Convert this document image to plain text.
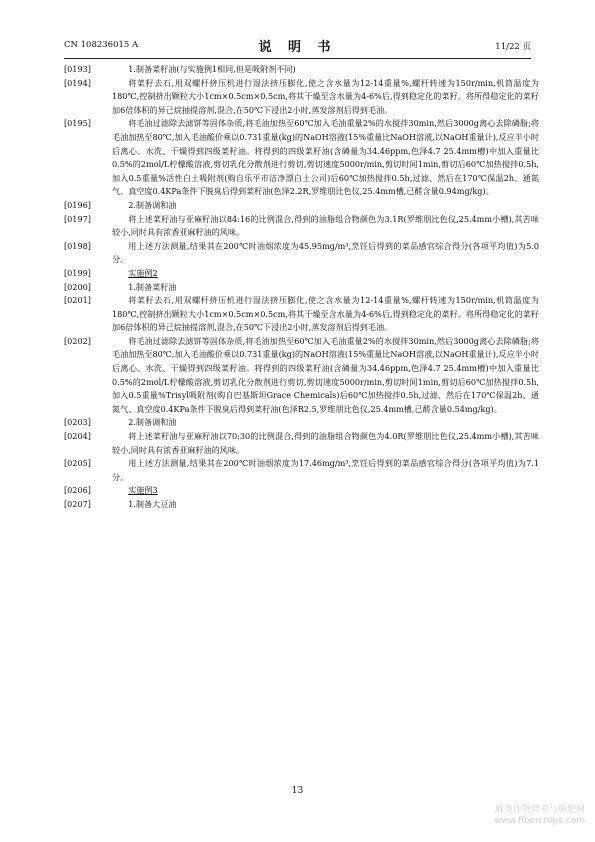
CN 108236015 A	说 明 书	11/22 页
[0193]	1.制备菜籽油(与实施例1相同,但是吸附剂不同)
[0194]	将菜籽去石,用双螺杆挤压机进行湿法挤压膨化,使之含水量为12-14重量%,螺杆转速为150r/min,机筒温度为180℃,控制挤出颗粒大小1cm×0.5cm×0.5cm,将其干燥至含水量为4-6%后,得到稳定化的菜籽。将所得稳定化的菜籽加6倍体积的异己烷抽提溶剂,混合,在50℃下浸出2小时,蒸发溶剂后得到毛油。
[0195]	将毛油过滤除去滤饼等固体杂质,将毛油加热至60℃加入毛油重量2%的水搅拌30min,然后3000g离心去除磷脂;将毛油加热至80℃,加入毛油酸价乘以0.731重量(kg)的NaOH溶液(15%重量比NaOH溶液,以NaOH重量计),反应半小时后离心、水洗、干燥得到四级菜籽油。将得到的四级菜籽油(含磷量为34.46ppm,色泽4.7 25.4mm槽)中加入重量比0.5%的2mol/L柠檬酸溶液,剪切乳化分散剂进行剪切,剪切速度5000r/min,剪切时间1min,剪切后60℃加热搅拌0.5h,加入0.5重量%活性白土吸附剂(购自乐平市洁净漂白土公司)后60℃加热搅拌0.5h,过滤、然后在170℃保温2h、通氮气、真空度0.4KPa条件下脱臭后得到菜籽油(色泽2.2R,罗维朋比色仪,25.4mm槽,已醛含量0.94mg/kg)。
[0196]	2.制备调和油
[0197]	将上述菜籽油与亚麻籽油以84:16的比例混合,得到的油脂组合物颜色为3.1R(罗维朋比色仪,25.4mm小槽),其苦味较小,同时具有浓香亚麻籽油的风味。
[0198]	用上述方法测量,结果其在200℃时油烟浓度为45.95mg/m³,烹饪后得到的菜品感官综合得分(各项平均值)为5.0分。
[0199]	实施例2
[0200]	1.制备菜籽油
[0201]	将菜籽去石,用双螺杆挤压机进行湿法挤压膨化,使之含水量为12-14重量%,螺杆转速为150r/min,机筒温度为180℃,控制挤出颗粒大小1cm×0.5cm×0.5cm,将其干燥至含水量为4-6%后,得到稳定化的菜籽。将所得稳定化的菜籽加6倍体积的异己烷抽提溶剂,混合,在50℃下浸出2小时,蒸发溶剂后得到毛油。
[0202]	将毛油过滤除去滤饼等固体杂质,将毛油加热至60℃加入毛油重量2%的水搅拌30min,然后3000g离心去除磷脂;将毛油加热至80℃,加入毛油酸价乘以0.731重量(kg)的NaOH溶液(15%重量比NaOH溶液,以NaOH重量计),反应半小时后离心、水洗、干燥得到四级菜籽油。将得到的四级菜籽油(含磷量为34.46ppm,色泽4.7 25.4mm槽)中加入重量比0.5%的2mol/L柠檬酸溶液,剪切乳化分散剂进行剪切,剪切速度5000r/min,剪切时间1min,剪切后60℃加热搅拌0.5h,加入0.5重量%Trisyl吸附剂(购自巴基斯坦Grace Chemicals)后60℃加热搅拌0.5h,过滤、然后在170℃保温2h、通氮气、真空度0.4KPa条件下脱臭后得到菜籽油(色泽R2.5,罗维朋比色仪,25.4mm槽,已醛含量0.54mg/kg)。
[0203]	2.制备调和油
[0204]	将上述菜籽油与亚麻籽油以70:30的比例混合,得到的油脂组合物颜色为4.0R(罗维朋比色仪,25.4mm小槽),其苦味较小,同时具有浓香亚麻籽油的风味。
[0205]	用上述方法测量,结果其在200℃时油烟浓度为17.46mg/m³,烹饪后得到的菜品感官综合得分(各项平均值)为7.1分。
[0206]	实施例3
[0207]	1.制备大豆油
13
麻类作物营养与施肥网
www.fibercrops.com
